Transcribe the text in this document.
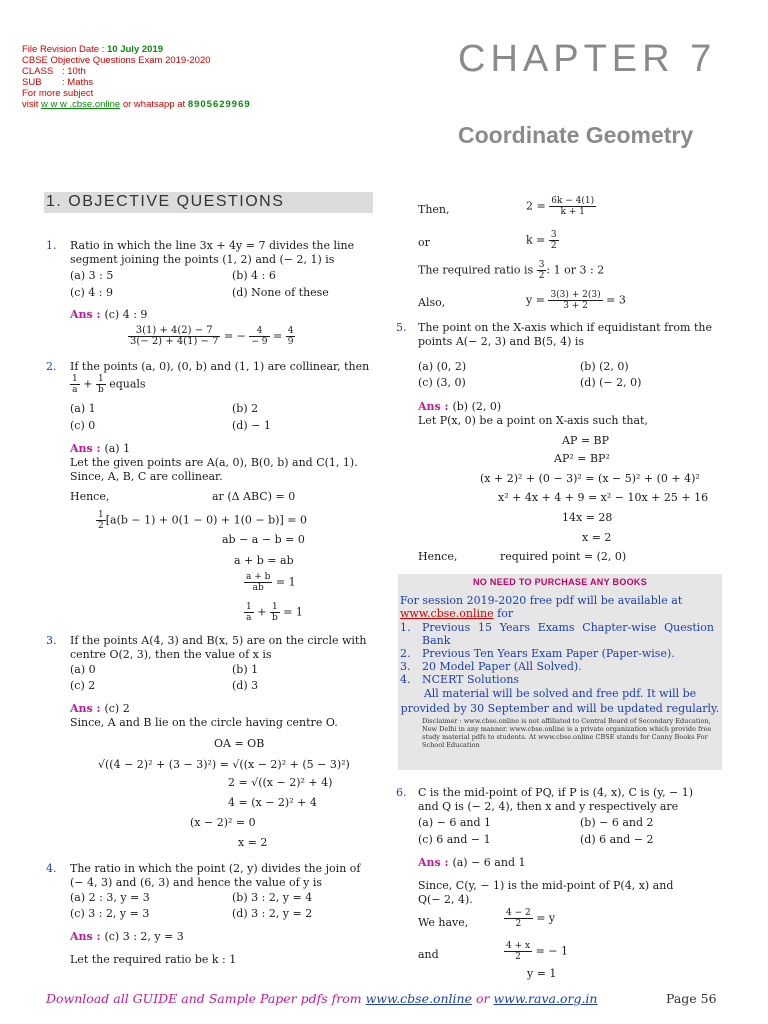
File Revision Date : 10 July 2019
CBSE Objective Questions Exam 2019-2020
CLASS : 10th
SUB : Maths
For more subject
visit w w w .cbse.online or whatsapp at 8905629969
CHAPTER 7
Coordinate Geometry
1. OBJECTIVE QUESTIONS
1. Ratio in which the line 3x + 4y = 7 divides the line
segment joining the points (1, 2) and (− 2, 1) is
(a) 3 : 5	(b) 4 : 6
(c) 4 : 9	(d) None of these
Ans : (c) 4 : 9
$\frac{3(1) + 4(2) - 7}{3(- 2) + 4(1) - 7}$ = − $\frac{4}{- 9} = \frac{4}{9}$
2. If the points (a, 0), (0, b) and (1, 1) are collinear, then
$\frac{1}{a} + \frac{1}{b}$ equals
(a) 1	(b) 2
(c) 0	(d) − 1
Ans : (a) 1
Let the given points are A(a, 0), B(0, b) and C(1, 1).
Since, A, B, C are collinear.
Hence,	ar (Δ ABC) = 0
$\frac{1}{2} [a(b - 1) + 0(1 - 0) + 1(0 - b)] = 0$
ab − a − b = 0
a + b = ab
$\frac{a + b}{ab} = 1$
$\frac{1}{a} + \frac{1}{b} = 1$
3. If the points A(4, 3) and B(x, 5) are on the circle with
centre O(2, 3), then the value of x is
(a) 0	(b) 1
(c) 2	(d) 3
Ans : (c) 2
Since, A and B lie on the circle having centre O.
OA = OB
√((4 − 2)² + (3 − 3)²) = √((x − 2)² + (5 − 3)²)
2 = √((x − 2)² + 4)
4 = (x − 2)² + 4
(x − 2)² = 0
x = 2
4. The ratio in which the point (2, y) divides the join of
(− 4, 3) and (6, 3) and hence the value of y is
(a) 2 : 3, y = 3	(b) 3 : 2, y = 4
(c) 3 : 2, y = 3	(d) 3 : 2, y = 2
Ans : (c) 3 : 2, y = 3
Let the required ratio be k : 1
Then,	$2 = \frac{6k - 4(1)}{k + 1}$
or	$k = \frac{3}{2}$
The required ratio is $\frac{3}{2}$ : 1 or 3 : 2
Also,	$y = \frac{3(3) + 2(3)}{3 + 2} = 3$
5. The point on the X-axis which if equidistant from the
points A(− 2, 3) and B(5, 4) is
(a) (0, 2)	(b) (2, 0)
(c) (3, 0)	(d) (− 2, 0)
Ans : (b) (2, 0)
Let P(x, 0) be a point on X-axis such that,
AP = BP
AP² = BP²
(x + 2)² + (0 − 3)² = (x − 5)² + (0 + 4)²
x² + 4x + 4 + 9 = x² − 10x + 25 + 16
14x = 28
x = 2
Hence,	required point = (2, 0)
NO NEED TO PURCHASE ANY BOOKS
For session 2019-2020 free pdf will be available at
www.cbse.online for
1.	Previous 15 Years Exams Chapter-wise Question Bank
2.	Previous Ten Years Exam Paper (Paper-wise).
3.	20 Model Paper (All Solved).
4.	NCERT Solutions
All material will be solved and free pdf. It will be provided by 30 September and will be updated regularly.
Disclaimer : www.cbse.online is not affiliated to Central Board of Secondary Education, New Delhi in any manner. www.cbse.online is a private organization which provide free study material pdfs to students. At www.cbse.online CBSE stands for Canny Books For School Education
6. C is the mid-point of PQ, if P is (4, x), C is (y, − 1)
and Q is (− 2, 4), then x and y respectively are
(a) − 6 and 1	(b) − 6 and 2
(c) 6 and − 1	(d) 6 and − 2
Ans : (a) − 6 and 1
Since, C(y, − 1) is the mid-point of P(4, x) and
Q(− 2, 4).
We have,	$\frac{4 - 2}{2} = y$
and	$\frac{4 + x}{2}$ = − 1
y = 1
Download all GUIDE and Sample Paper pdfs from www.cbse.online or www.rava.org.in	Page 56
